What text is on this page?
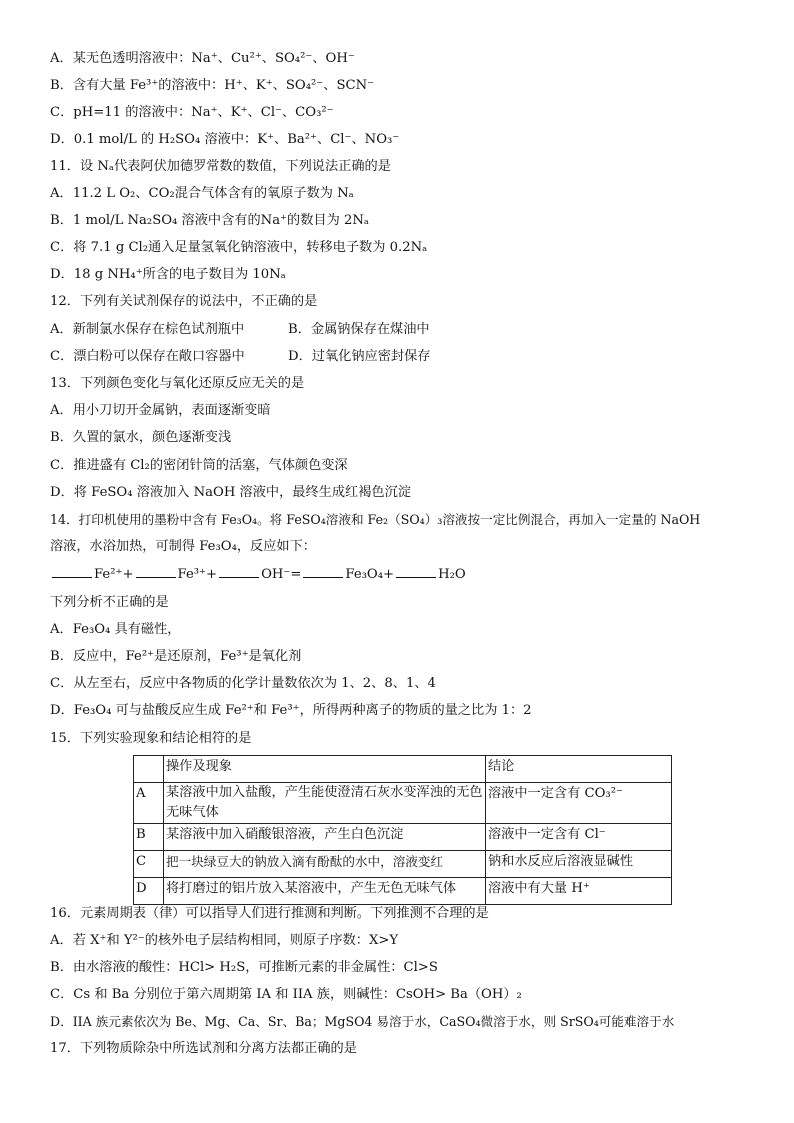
A．某无色透明溶液中：Na⁺、Cu²⁺、SO₄²⁻、OH⁻
B．含有大量 Fe³⁺的溶液中：H⁺、K⁺、SO₄²⁻、SCN⁻
C．pH=11 的溶液中：Na⁺、K⁺、Cl⁻、CO₃²⁻
D．0.1 mol/L 的 H₂SO₄ 溶液中：K⁺、Ba²⁺、Cl⁻、NO₃⁻
11．设 Nₐ代表阿伏加德罗常数的数值，下列说法正确的是
A．11.2 L O₂、CO₂混合气体含有的氧原子数为 Nₐ
B．1 mol/L Na₂SO₄ 溶液中含有的Na⁺的数目为 2Nₐ
C．将 7.1 g Cl₂通入足量氢氧化钠溶液中，转移电子数为 0.2Nₐ
D．18 g NH₄⁺所含的电子数目为 10Nₐ
12．下列有关试剂保存的说法中，不正确的是
A．新制氯水保存在棕色试剂瓶中	B．金属钠保存在煤油中
C．漂白粉可以保存在敞口容器中	D．过氧化钠应密封保存
13．下列颜色变化与氧化还原反应无关的是
A．用小刀切开金属钠，表面逐渐变暗
B．久置的氯水，颜色逐渐变浅
C．推进盛有 Cl₂的密闭针筒的活塞，气体颜色变深
D．将 FeSO₄ 溶液加入 NaOH 溶液中，最终生成红褐色沉淀
14．打印机使用的墨粉中含有 Fe₃O₄。将 FeSO₄溶液和 Fe₂（SO₄）₃溶液按一定比例混合，再加入一定量的 NaOH
溶液，水浴加热，可制得 Fe₃O₄，反应如下：
Fe²⁺+	Fe³⁺+	OH⁻=	Fe₃O₄+	H₂O
下列分析不正确的是
A．Fe₃O₄ 具有磁性，
B．反应中，Fe²⁺是还原剂，Fe³⁺是氧化剂
C．从左至右，反应中各物质的化学计量数依次为 1、2、8、1、4
D．Fe₃O₄ 可与盐酸反应生成 Fe²⁺和 Fe³⁺，所得两种离子的物质的量之比为 1：2
15．下列实验现象和结论相符的是
	操作及现象	结论
A	某溶液中加入盐酸，产生能使澄清石灰水变浑浊的无色无味气体	溶液中一定含有 CO₃²⁻
B	某溶液中加入硝酸银溶液，产生白色沉淀	溶液中一定含有 Cl⁻
C	把一块绿豆大的钠放入滴有酚酞的水中，溶液变红	钠和水反应后溶液显碱性
D	将打磨过的铝片放入某溶液中，产生无色无味气体	溶液中有大量 H⁺
16．元素周期表（律）可以指导人们进行推测和判断。下列推测不合理的是
A．若 X⁺和 Y²⁻的核外电子层结构相同，则原子序数：X>Y
B．由水溶液的酸性：HCl> H₂S，可推断元素的非金属性：Cl>S
C．Cs 和 Ba 分别位于第六周期第 IA 和 IIA 族，则碱性：CsOH> Ba（OH）₂
D．IIA 族元素依次为 Be、Mg、Ca、Sr、Ba；MgSO4 易溶于水，CaSO₄微溶于水，则 SrSO₄可能难溶于水
17．下列物质除杂中所选试剂和分离方法都正确的是
